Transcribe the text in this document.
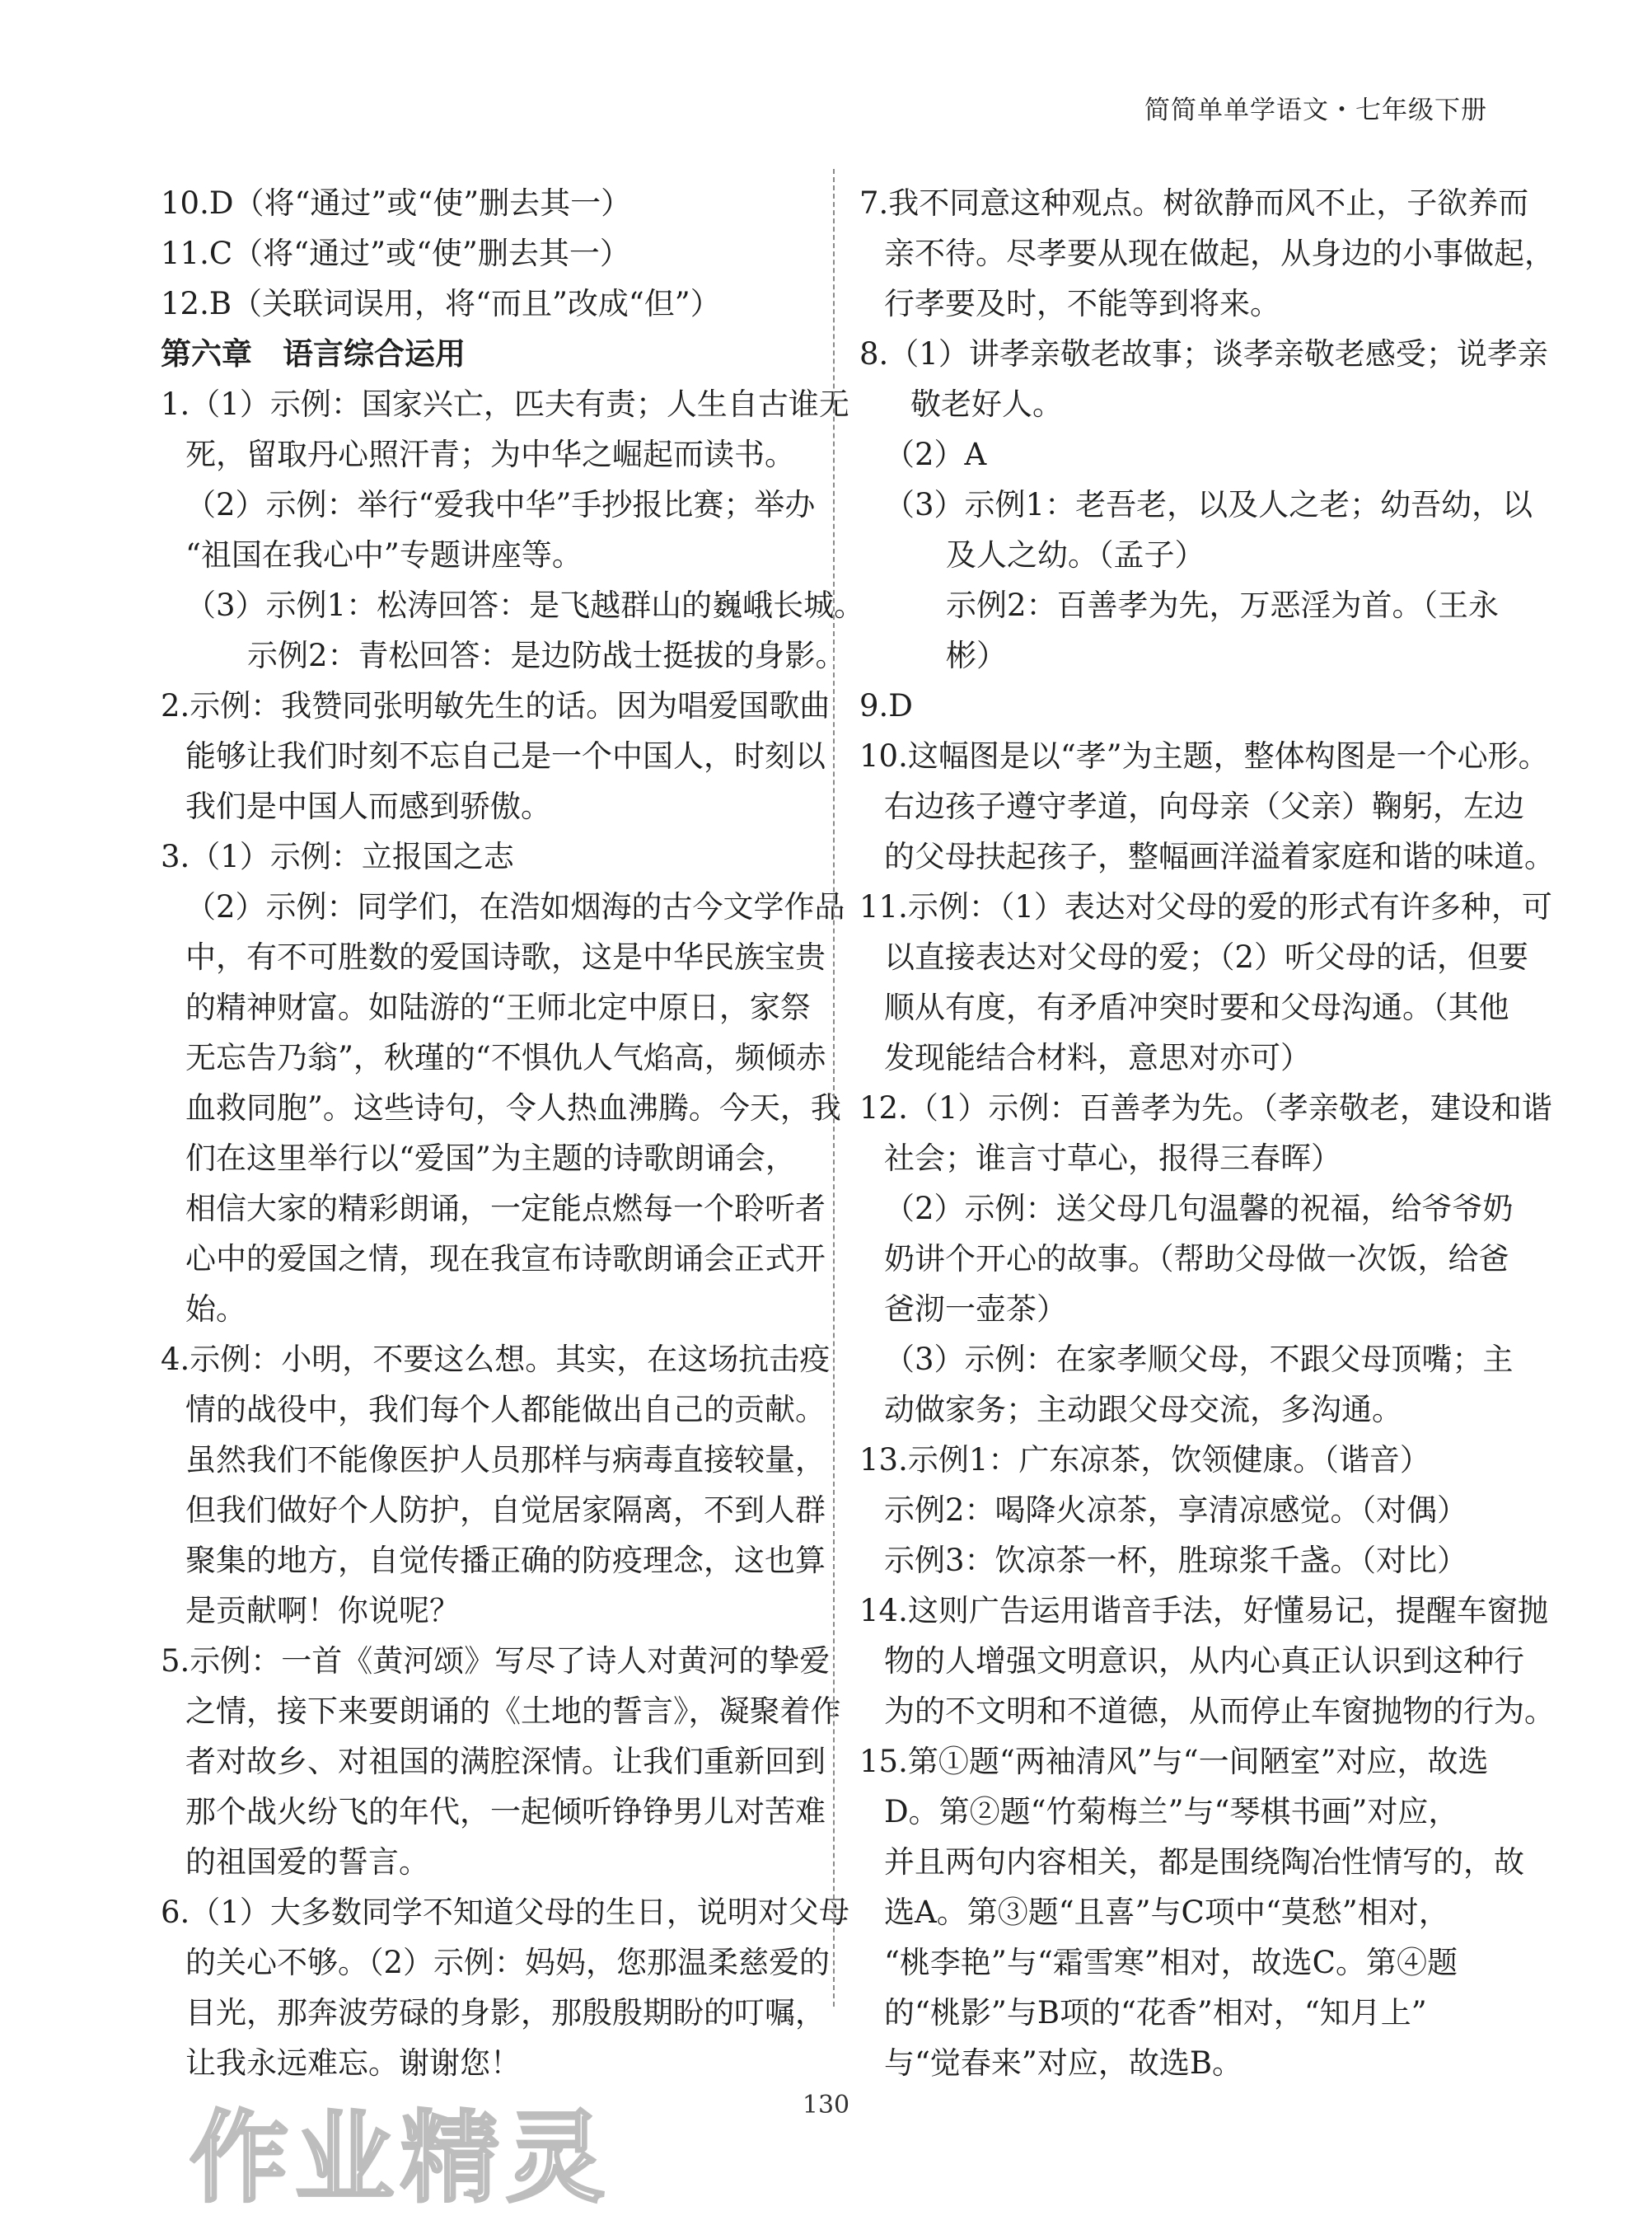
简简单单学语文・七年级下册
10.D（将“通过”或“使”删去其一）
11.C（将“通过”或“使”删去其一）
12.B（关联词误用，将“而且”改成“但”）
第六章　语言综合运用
1.（1）示例：国家兴亡，匹夫有责；人生自古谁无
死，留取丹心照汗青；为中华之崛起而读书。
（2）示例：举行“爱我中华”手抄报比赛；举办
“祖国在我心中”专题讲座等。
（3）示例1：松涛回答：是飞越群山的巍峨长城。
示例2：青松回答：是边防战士挺拔的身影。
2.示例：我赞同张明敏先生的话。因为唱爱国歌曲
能够让我们时刻不忘自己是一个中国人，时刻以
我们是中国人而感到骄傲。
3.（1）示例：立报国之志
（2）示例：同学们，在浩如烟海的古今文学作品
中，有不可胜数的爱国诗歌，这是中华民族宝贵
的精神财富。如陆游的“王师北定中原日，家祭
无忘告乃翁”，秋瑾的“不惧仇人气焰高，频倾赤
血救同胞”。这些诗句，令人热血沸腾。今天，我
们在这里举行以“爱国”为主题的诗歌朗诵会，
相信大家的精彩朗诵，一定能点燃每一个聆听者
心中的爱国之情，现在我宣布诗歌朗诵会正式开
始。
4.示例：小明，不要这么想。其实，在这场抗击疫
情的战役中，我们每个人都能做出自己的贡献。
虽然我们不能像医护人员那样与病毒直接较量，
但我们做好个人防护，自觉居家隔离，不到人群
聚集的地方，自觉传播正确的防疫理念，这也算
是贡献啊！你说呢？
5.示例：一首《黄河颂》写尽了诗人对黄河的挚爱
之情，接下来要朗诵的《土地的誓言》，凝聚着作
者对故乡、对祖国的满腔深情。让我们重新回到
那个战火纷飞的年代，一起倾听铮铮男儿对苦难
的祖国爱的誓言。
6.（1）大多数同学不知道父母的生日，说明对父母
的关心不够。（2）示例：妈妈，您那温柔慈爱的
目光，那奔波劳碌的身影，那殷殷期盼的叮嘱，
让我永远难忘。谢谢您！
7.我不同意这种观点。树欲静而风不止，子欲养而
亲不待。尽孝要从现在做起，从身边的小事做起，
行孝要及时，不能等到将来。
8.（1）讲孝亲敬老故事；谈孝亲敬老感受；说孝亲
敬老好人。
（2）A
（3）示例1：老吾老，以及人之老；幼吾幼，以
及人之幼。（孟子）
示例2：百善孝为先，万恶淫为首。（王永
彬）
9.D
10.这幅图是以“孝”为主题，整体构图是一个心形。
右边孩子遵守孝道，向母亲（父亲）鞠躬，左边
的父母扶起孩子，整幅画洋溢着家庭和谐的味道。
11.示例：（1）表达对父母的爱的形式有许多种，可
以直接表达对父母的爱；（2）听父母的话，但要
顺从有度，有矛盾冲突时要和父母沟通。（其他
发现能结合材料，意思对亦可）
12.（1）示例：百善孝为先。（孝亲敬老，建设和谐
社会；谁言寸草心，报得三春晖）
（2）示例：送父母几句温馨的祝福，给爷爷奶
奶讲个开心的故事。（帮助父母做一次饭，给爸
爸沏一壶茶）
（3）示例：在家孝顺父母，不跟父母顶嘴；主
动做家务；主动跟父母交流，多沟通。
13.示例1：广东凉茶，饮领健康。（谐音）
示例2：喝降火凉茶，享清凉感觉。（对偶）
示例3：饮凉茶一杯，胜琼浆千盏。（对比）
14.这则广告运用谐音手法，好懂易记，提醒车窗抛
物的人增强文明意识，从内心真正认识到这种行
为的不文明和不道德，从而停止车窗抛物的行为。
15.第①题“两袖清风”与“一间陋室”对应，故选
D。第②题“竹菊梅兰”与“琴棋书画”对应，
并且两句内容相关，都是围绕陶冶性情写的，故
选A。第③题“且喜”与C项中“莫愁”相对，
“桃李艳”与“霜雪寒”相对，故选C。第④题
的“桃影”与B项的“花香”相对，“知月上”
与“觉春来”对应，故选B。
130
作业精灵
